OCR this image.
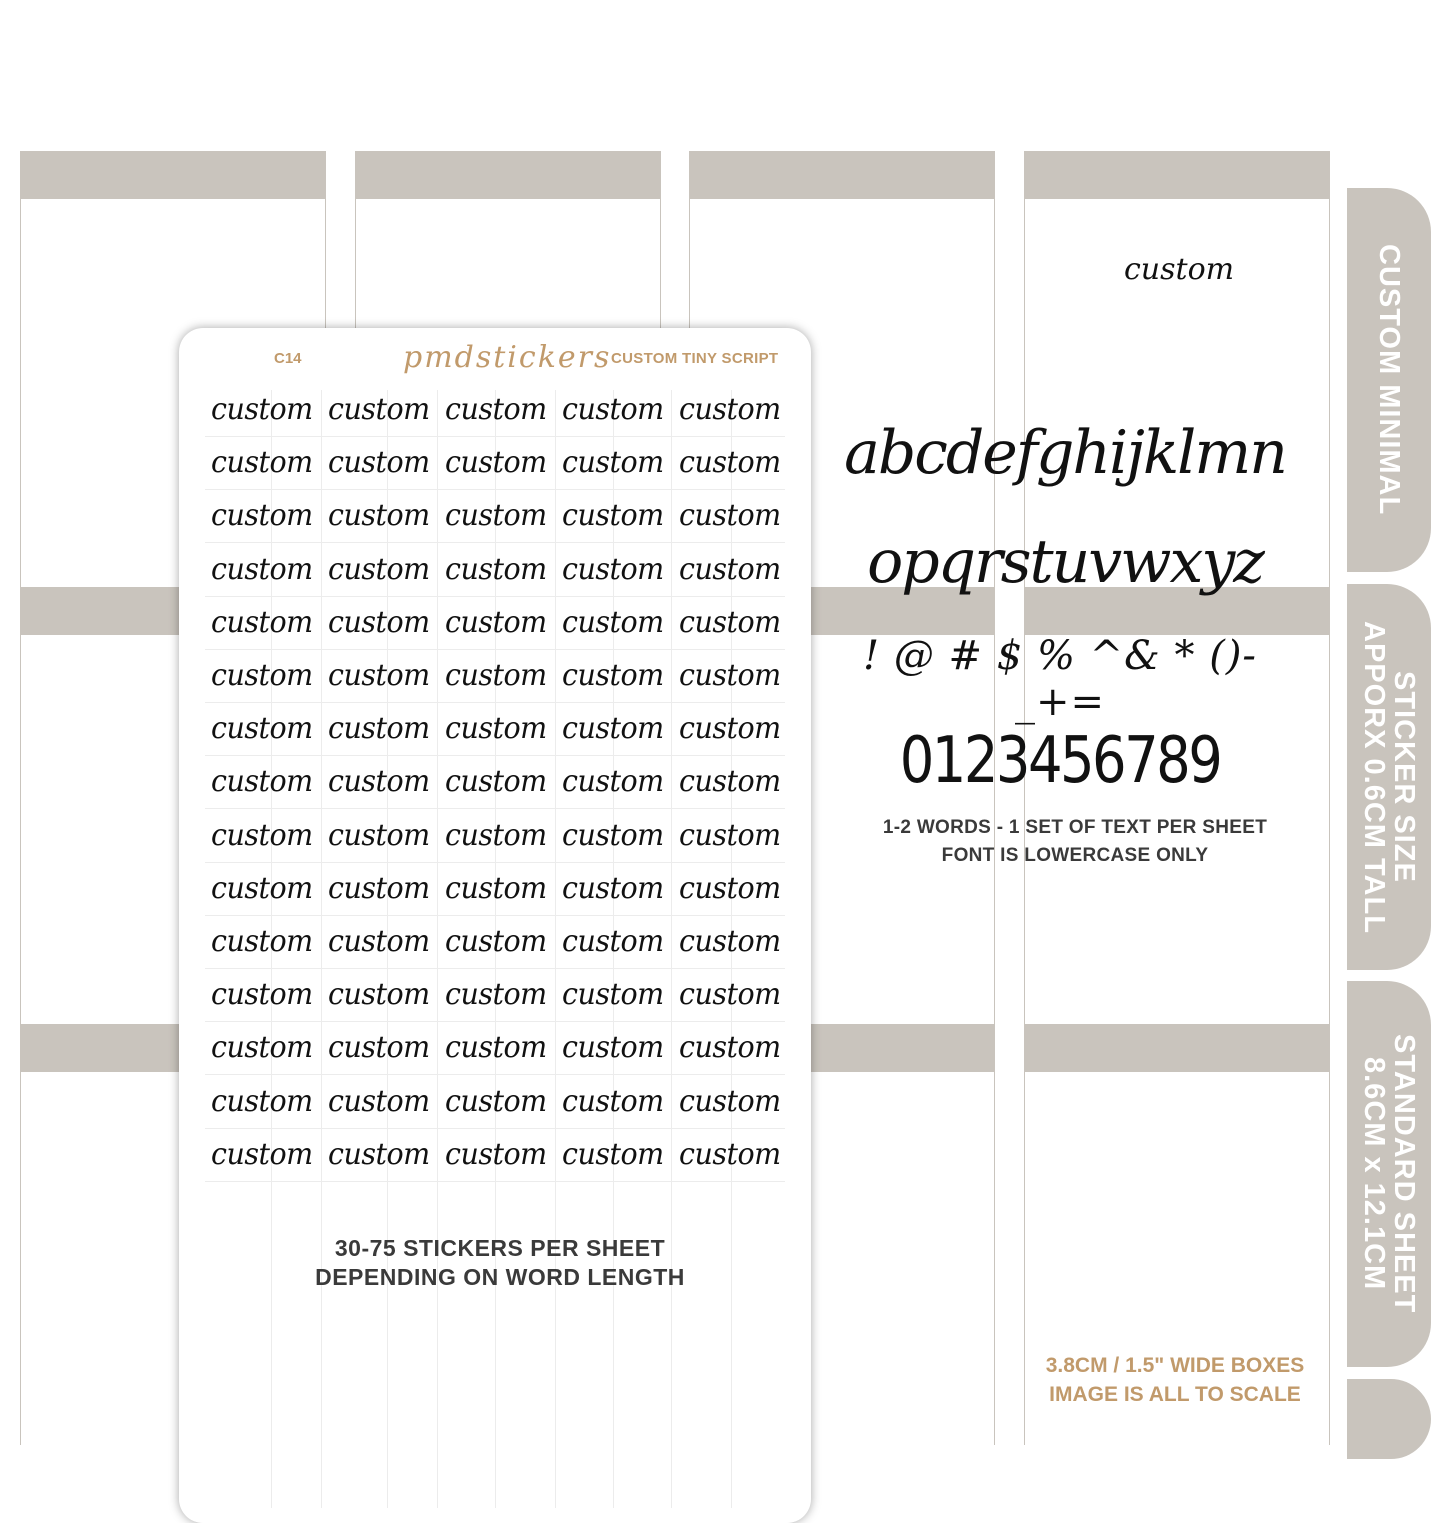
custom	CUSTOM MINIMAL
STICKER SIZE
APPORX 0.6CM TALL
STANDARD SHEET
8.6CM x 12.1CM
C14	pmdstickers CUSTOM TINY SCRIPT
custom custom custom custom custom
custom custom custom custom custom
custom custom custom custom custom
custom custom custom custom custom
custom custom custom custom custom
custom custom custom custom custom
custom custom custom custom custom
custom custom custom custom custom
custom custom custom custom custom
custom custom custom custom custom
custom custom custom custom custom
custom custom custom custom custom
custom custom custom custom custom
custom custom custom custom custom
custom custom custom custom custom
30-75 STICKERS PER SHEET
DEPENDING ON WORD LENGTH
abcdefghijklmn
opqrstuvwxyz
! @ # $ % ^& * ()-_+=
0123456789
1-2 WORDS - 1 SET OF TEXT PER SHEET
FONT IS LOWERCASE ONLY
3.8CM / 1.5" WIDE BOXES
IMAGE IS ALL TO SCALE
